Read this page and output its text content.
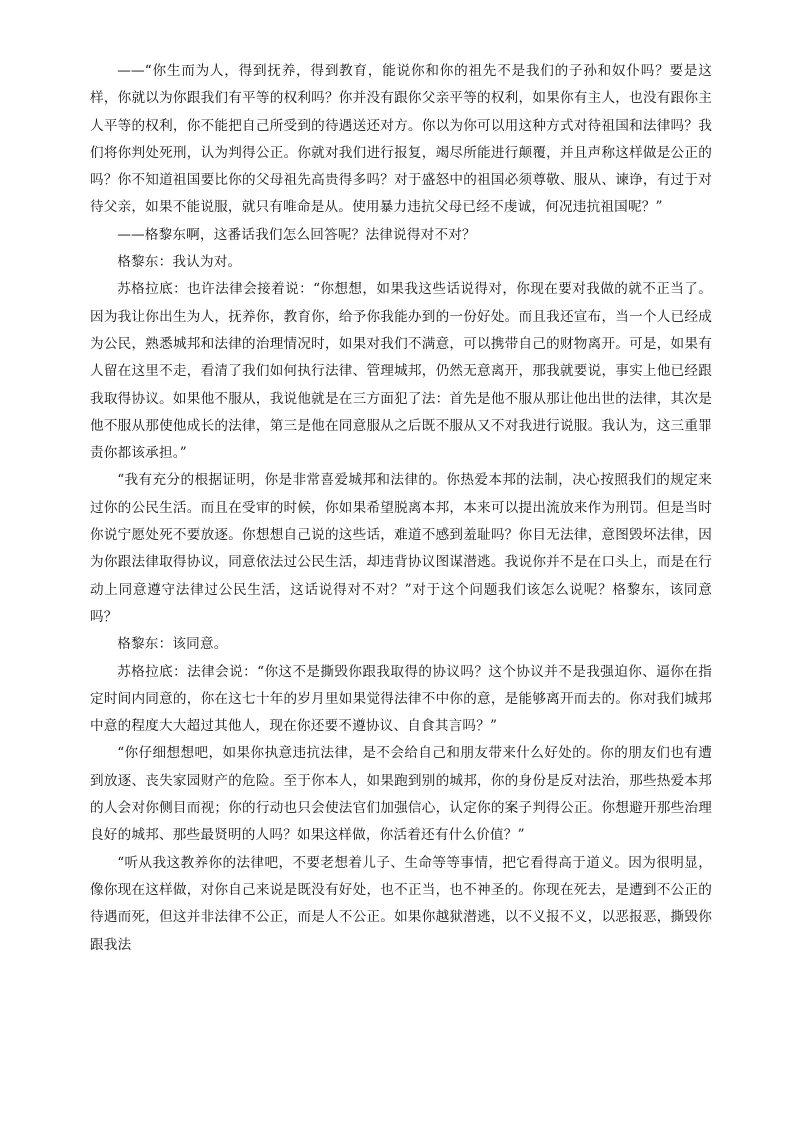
——“你生而为人，得到抚养，得到教育，能说你和你的祖先不是我们的子孙和奴仆吗？要是这样，你就以为你跟我们有平等的权利吗？你并没有跟你父亲平等的权利，如果你有主人，也没有跟你主人平等的权利，你不能把自己所受到的待遇送还对方。你以为你可以用这种方式对待祖国和法律吗？我们将你判处死刑，认为判得公正。你就对我们进行报复，竭尽所能进行颠覆，并且声称这样做是公正的吗？你不知道祖国要比你的父母祖先高贵得多吗？对于盛怒中的祖国必须尊敬、服从、谏诤，有过于对待父亲，如果不能说服，就只有唯命是从。使用暴力违抗父母已经不虔诚，何况违抗祖国呢？”

——格黎东啊，这番话我们怎么回答呢？法律说得对不对？

格黎东：我认为对。

苏格拉底：也许法律会接着说：“你想想，如果我这些话说得对，你现在要对我做的就不正当了。因为我让你出生为人，抚养你，教育你，给予你我能办到的一份好处。而且我还宣布，当一个人已经成为公民，熟悉城邦和法律的治理情况时，如果对我们不满意，可以携带自己的财物离开。可是，如果有人留在这里不走，看清了我们如何执行法律、管理城邦，仍然无意离开，那我就要说，事实上他已经跟我取得协议。如果他不服从，我说他就是在三方面犯了法：首先是他不服从那让他出世的法律，其次是他不服从那使他成长的法律，第三是他在同意服从之后既不服从又不对我进行说服。我认为，这三重罪责你都该承担。”

“我有充分的根据证明，你是非常喜爱城邦和法律的。你热爱本邦的法制，决心按照我们的规定来过你的公民生活。而且在受审的时候，你如果希望脱离本邦，本来可以提出流放来作为刑罚。但是当时你说宁愿处死不要放逐。你想想自己说的这些话，难道不感到羞耻吗？你目无法律，意图毁坏法律，因为你跟法律取得协议，同意依法过公民生活，却违背协议图谋潜逃。我说你并不是在口头上，而是在行动上同意遵守法律过公民生活，这话说得对不对？”对于这个问题我们该怎么说呢？格黎东，该同意吗？

格黎东：该同意。

苏格拉底：法律会说：“你这不是撕毁你跟我取得的协议吗？这个协议并不是我强迫你、逼你在指定时间内同意的，你在这七十年的岁月里如果觉得法律不中你的意，是能够离开而去的。你对我们城邦中意的程度大大超过其他人，现在你还要不遵协议、自食其言吗？”

“你仔细想想吧，如果你执意违抗法律，是不会给自己和朋友带来什么好处的。你的朋友们也有遭到放逐、丧失家园财产的危险。至于你本人，如果跑到别的城邦，你的身份是反对法治，那些热爱本邦的人会对你侧目而视；你的行动也只会使法官们加强信心，认定你的案子判得公正。你想避开那些治理良好的城邦、那些最贤明的人吗？如果这样做，你活着还有什么价值？”

“听从我这教养你的法律吧，不要老想着儿子、生命等等事情，把它看得高于道义。因为很明显，像你现在这样做，对你自己来说是既没有好处，也不正当，也不神圣的。你现在死去，是遭到不公正的待遇而死，但这并非法律不公正，而是人不公正。如果你越狱潜逃，以不义报不义，以恶报恶，撕毁你跟我法
